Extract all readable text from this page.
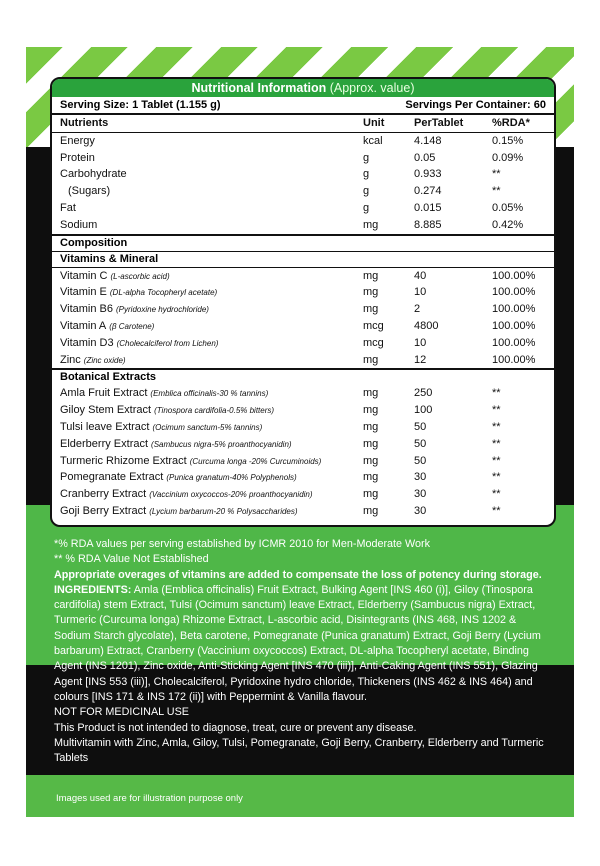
Nutritional Information (Approx. value)
Serving Size: 1 Tablet (1.155 g)	Servings Per Container: 60
Nutrients	Unit	PerTablet	%RDA*
Energy	kcal	4.148	0.15%
Protein	g	0.05	0.09%
Carbohydrate	g	0.933	**
(Sugars)	g	0.274	**
Fat	g	0.015	0.05%
Sodium	mg	8.885	0.42%
Composition
Vitamins & Mineral
Vitamin C (L-ascorbic acid)	mg	40	100.00%
Vitamin E (DL-alpha Tocopheryl acetate)	mg	10	100.00%
Vitamin B6 (Pyridoxine hydrochloride)	mg	2	100.00%
Vitamin A (β Carotene)	mcg	4800	100.00%
Vitamin D3 (Cholecalciferol from Lichen)	mcg	10	100.00%
Zinc (Zinc oxide)	mg	12	100.00%
Botanical Extracts
Amla Fruit Extract (Emblica officinalis-30 % tannins)	mg	250	**
Giloy Stem Extract (Tinospora cardifolia-0.5% bitters)	mg	100	**
Tulsi leave Extract (Ocimum sanctum-5% tannins)	mg	50	**
Elderberry Extract (Sambucus nigra-5% proanthocyanidin)	mg	50	**
Turmeric Rhizome Extract (Curcuma longa -20% Curcuminoids)	mg	50	**
Pomegranate Extract (Punica granatum-40% Polyphenols)	mg	30	**
Cranberry Extract (Vaccinium oxycoccos-20% proanthocyanidin)	mg	30	**
Goji Berry Extract (Lycium barbarum-20 % Polysaccharides)	mg	30	**

*% RDA values per serving established by ICMR 2010 for Men-Moderate Work

** % RDA Value Not Established

Appropriate overages of vitamins are added to compensate the loss of potency during storage.

INGREDIENTS: Amla (Emblica officinalis) Fruit Extract, Bulking Agent [INS 460 (i)], Giloy (Tinospora cardifolia) stem Extract, Tulsi (Ocimum sanctum) leave Extract, Elderberry (Sambucus nigra) Extract, Turmeric (Curcuma longa) Rhizome Extract, L-ascorbic acid, Disintegrants (INS 468, INS 1202 & Sodium Starch glycolate), Beta carotene, Pomegranate (Punica granatum) Extract, Goji Berry (Lycium barbarum) Extract, Cranberry (Vaccinium oxycoccos) Extract, DL-alpha Tocopheryl acetate, Binding Agent (INS 1201), Zinc oxide, Anti-Sticking Agent [INS 470 (iii)], Anti-Caking Agent (INS 551), Glazing Agent [INS 553 (iii)], Cholecalciferol, Pyridoxine hydro chloride, Thickeners (INS 462 & INS 464) and colours [INS 171 & INS 172 (ii)] with Peppermint & Vanilla flavour.

NOT FOR MEDICINAL USE

This Product is not intended to diagnose, treat, cure or prevent any disease.

Multivitamin with Zinc, Amla, Giloy, Tulsi, Pomegranate, Goji Berry, Cranberry, Elderberry and Turmeric Tablets

Images used are for illustration purpose only
